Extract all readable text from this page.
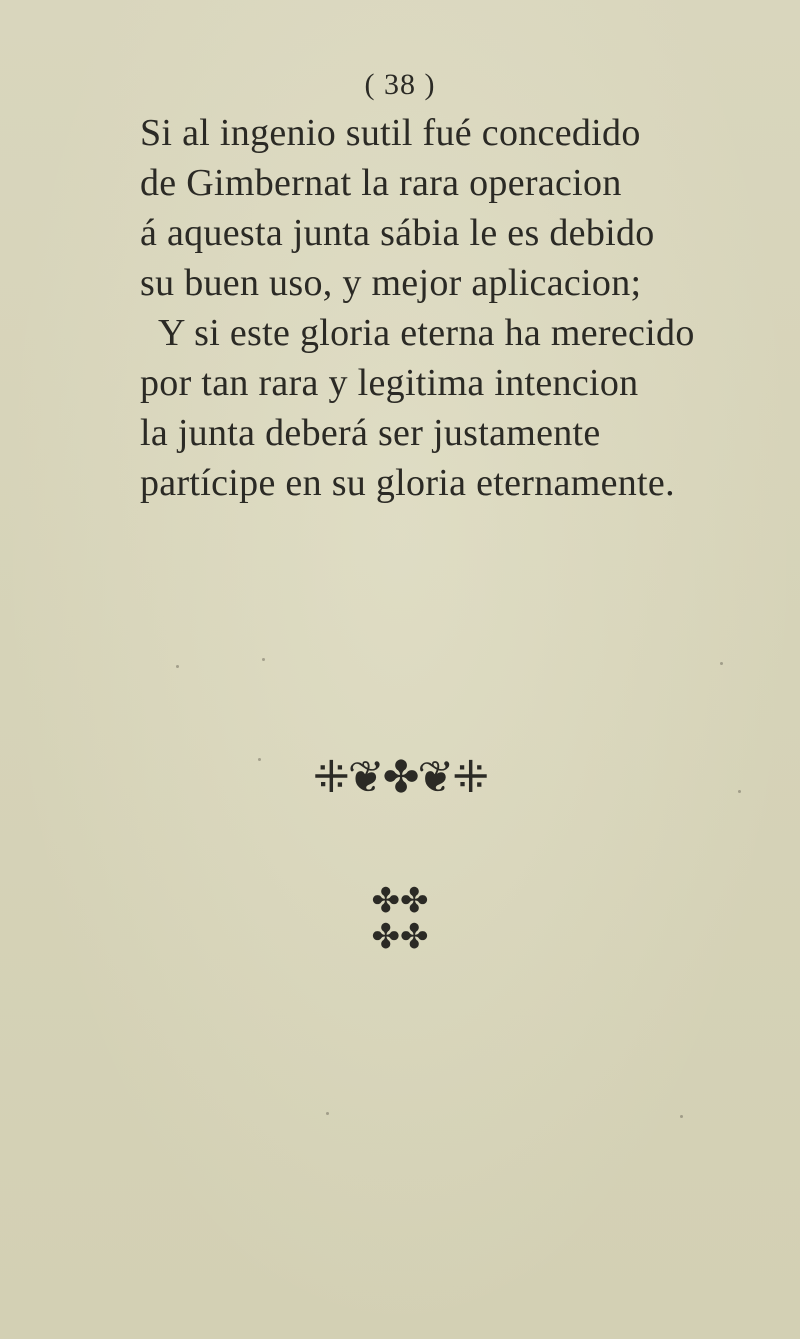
( 38 )
Si al ingenio sutil fué concedido
de Gimbernat la rara operacion
á aquesta junta sábia le es debido
su buen uso, y mejor aplicacion;
Y si este gloria eterna ha merecido
por tan rara y legitima intencion
la junta deberá ser justamente
partícipe en su gloria eternamente.
⁜❦✤❦⁜
✤✤
✤✤
